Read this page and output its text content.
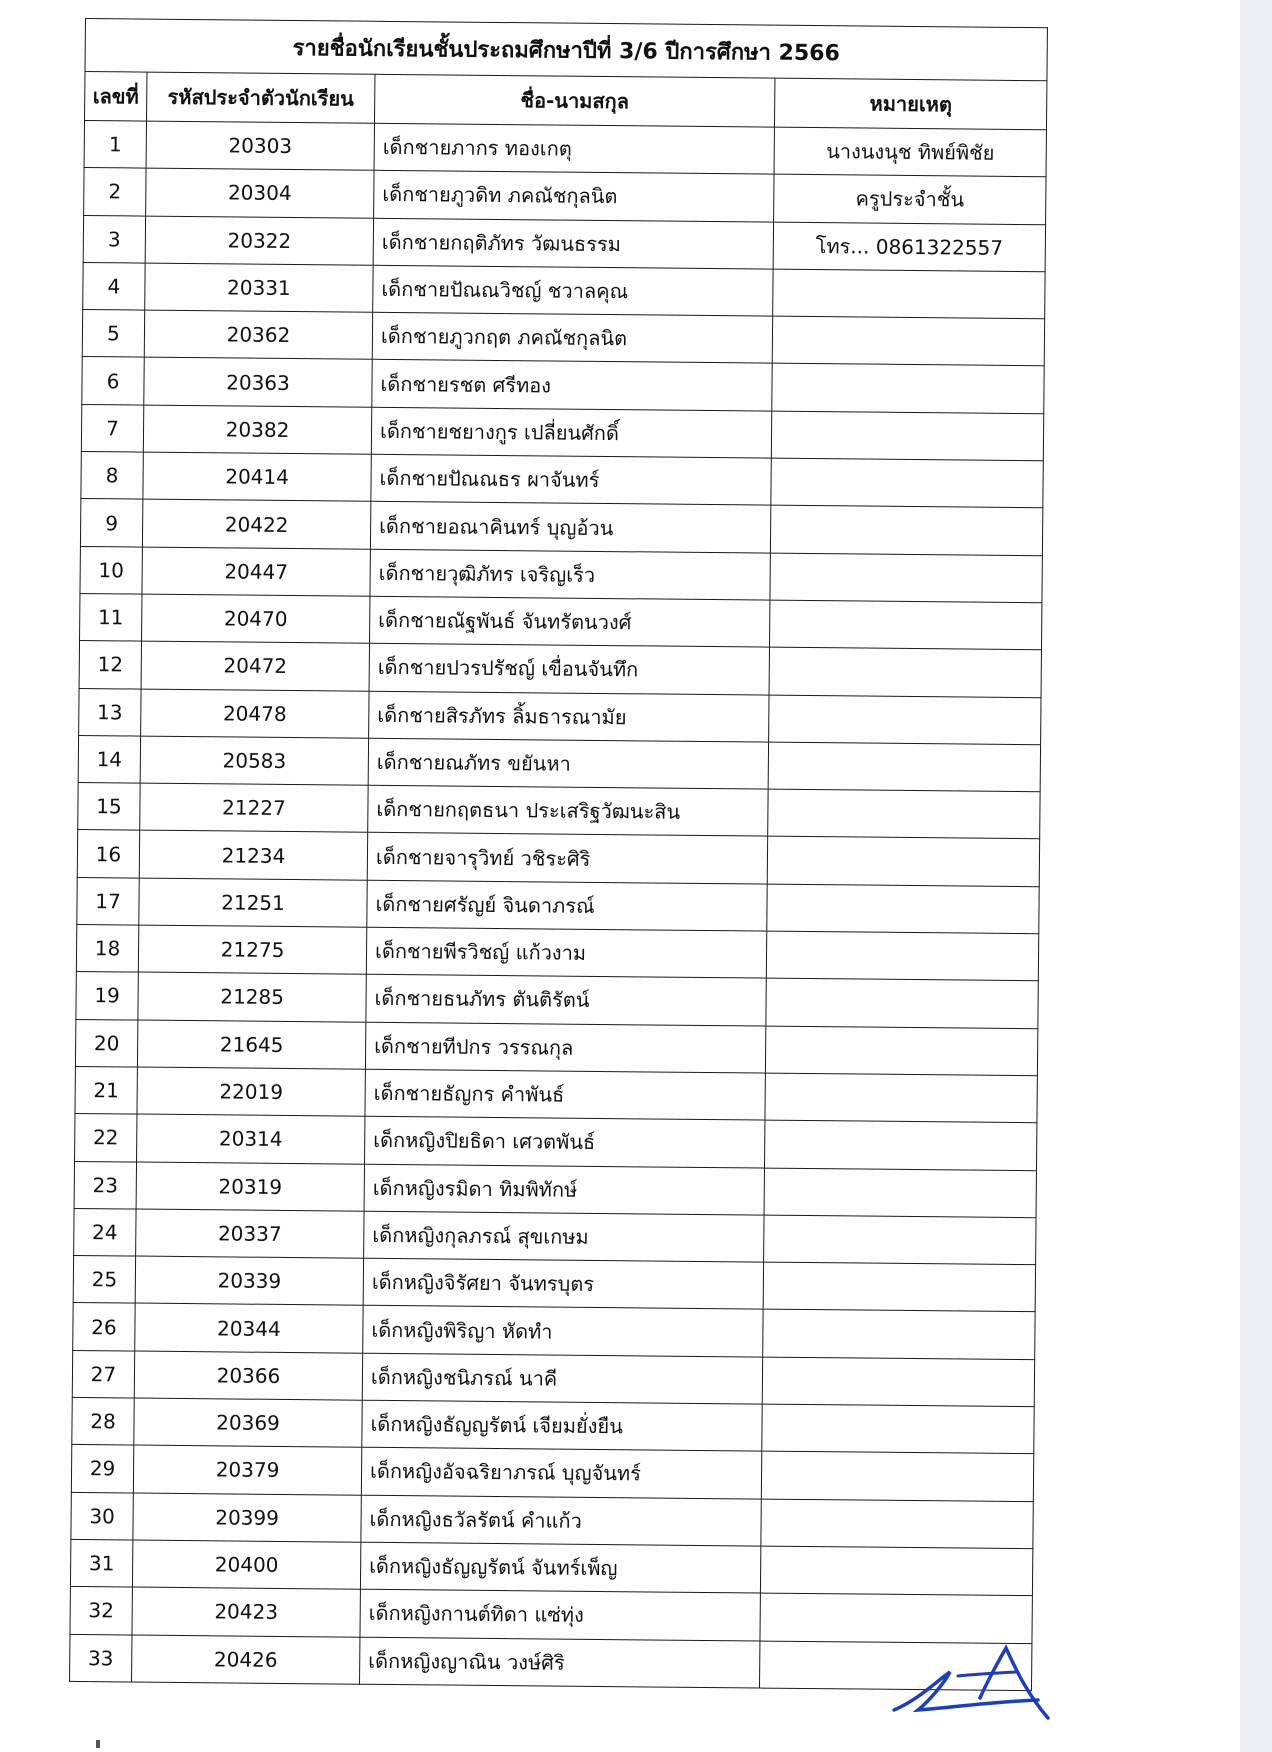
รายชื่อนักเรียนชั้นประถมศึกษาปีที่ 3/6 ปีการศึกษา 2566			
เลขที่	รหัสประจำตัวนักเรียน	ชื่อ-นามสกุล	หมายเหตุ
1	20303	เด็กชายภากร ทองเกตุ	นางนงนุช ทิพย์พิชัย
2	20304	เด็กชายภูวดิท ภคณัชกุลนิต	ครูประจำชั้น
3	20322	เด็กชายกฤติภัทร วัฒนธรรม	โทร... 0861322557
4	20331	เด็กชายปัณณวิชญ์ ชวาลคุณ	
5	20362	เด็กชายภูวกฤต ภคณัชกุลนิต	
6	20363	เด็กชายรชต ศรีทอง	
7	20382	เด็กชายชยางกูร เปลี่ยนศักดิ์	
8	20414	เด็กชายปัณณธร ผาจันทร์	
9	20422	เด็กชายอณาคินทร์ บุญอ้วน	
10	20447	เด็กชายวุฒิภัทร เจริญเร็ว	
11	20470	เด็กชายณัฐพันธ์ จันทรัตนวงศ์	
12	20472	เด็กชายปวรปรัชญ์ เขื่อนจันทึก	
13	20478	เด็กชายสิรภัทร ลิ้มธารณามัย	
14	20583	เด็กชายณภัทร ขยันหา	
15	21227	เด็กชายกฤตธนา ประเสริฐวัฒนะสิน	
16	21234	เด็กชายจารุวิทย์ วชิระศิริ	
17	21251	เด็กชายศรัญย์ จินดาภรณ์	
18	21275	เด็กชายพีรวิชญ์ แก้วงาม	
19	21285	เด็กชายธนภัทร ตันติรัตน์	
20	21645	เด็กชายทีปกร วรรณกุล	
21	22019	เด็กชายธัญกร คำพันธ์	
22	20314	เด็กหญิงปิยธิดา เศวตพันธ์	
23	20319	เด็กหญิงรมิดา ทิมพิทักษ์	
24	20337	เด็กหญิงกุลภรณ์ สุขเกษม	
25	20339	เด็กหญิงจิรัศยา จันทรบุตร	
26	20344	เด็กหญิงพิริญา หัดทำ	
27	20366	เด็กหญิงชนิภรณ์ นาคี	
28	20369	เด็กหญิงธัญญรัตน์ เจียมยั่งยืน	
29	20379	เด็กหญิงอัจฉริยาภรณ์ บุญจันทร์	
30	20399	เด็กหญิงธวัลรัตน์ คำแก้ว	
31	20400	เด็กหญิงธัญญรัตน์ จันทร์เพ็ญ	
32	20423	เด็กหญิงกานต์ทิดา แซ่ทุ่ง	
33	20426	เด็กหญิงญาณิน วงษ์ศิริ	
